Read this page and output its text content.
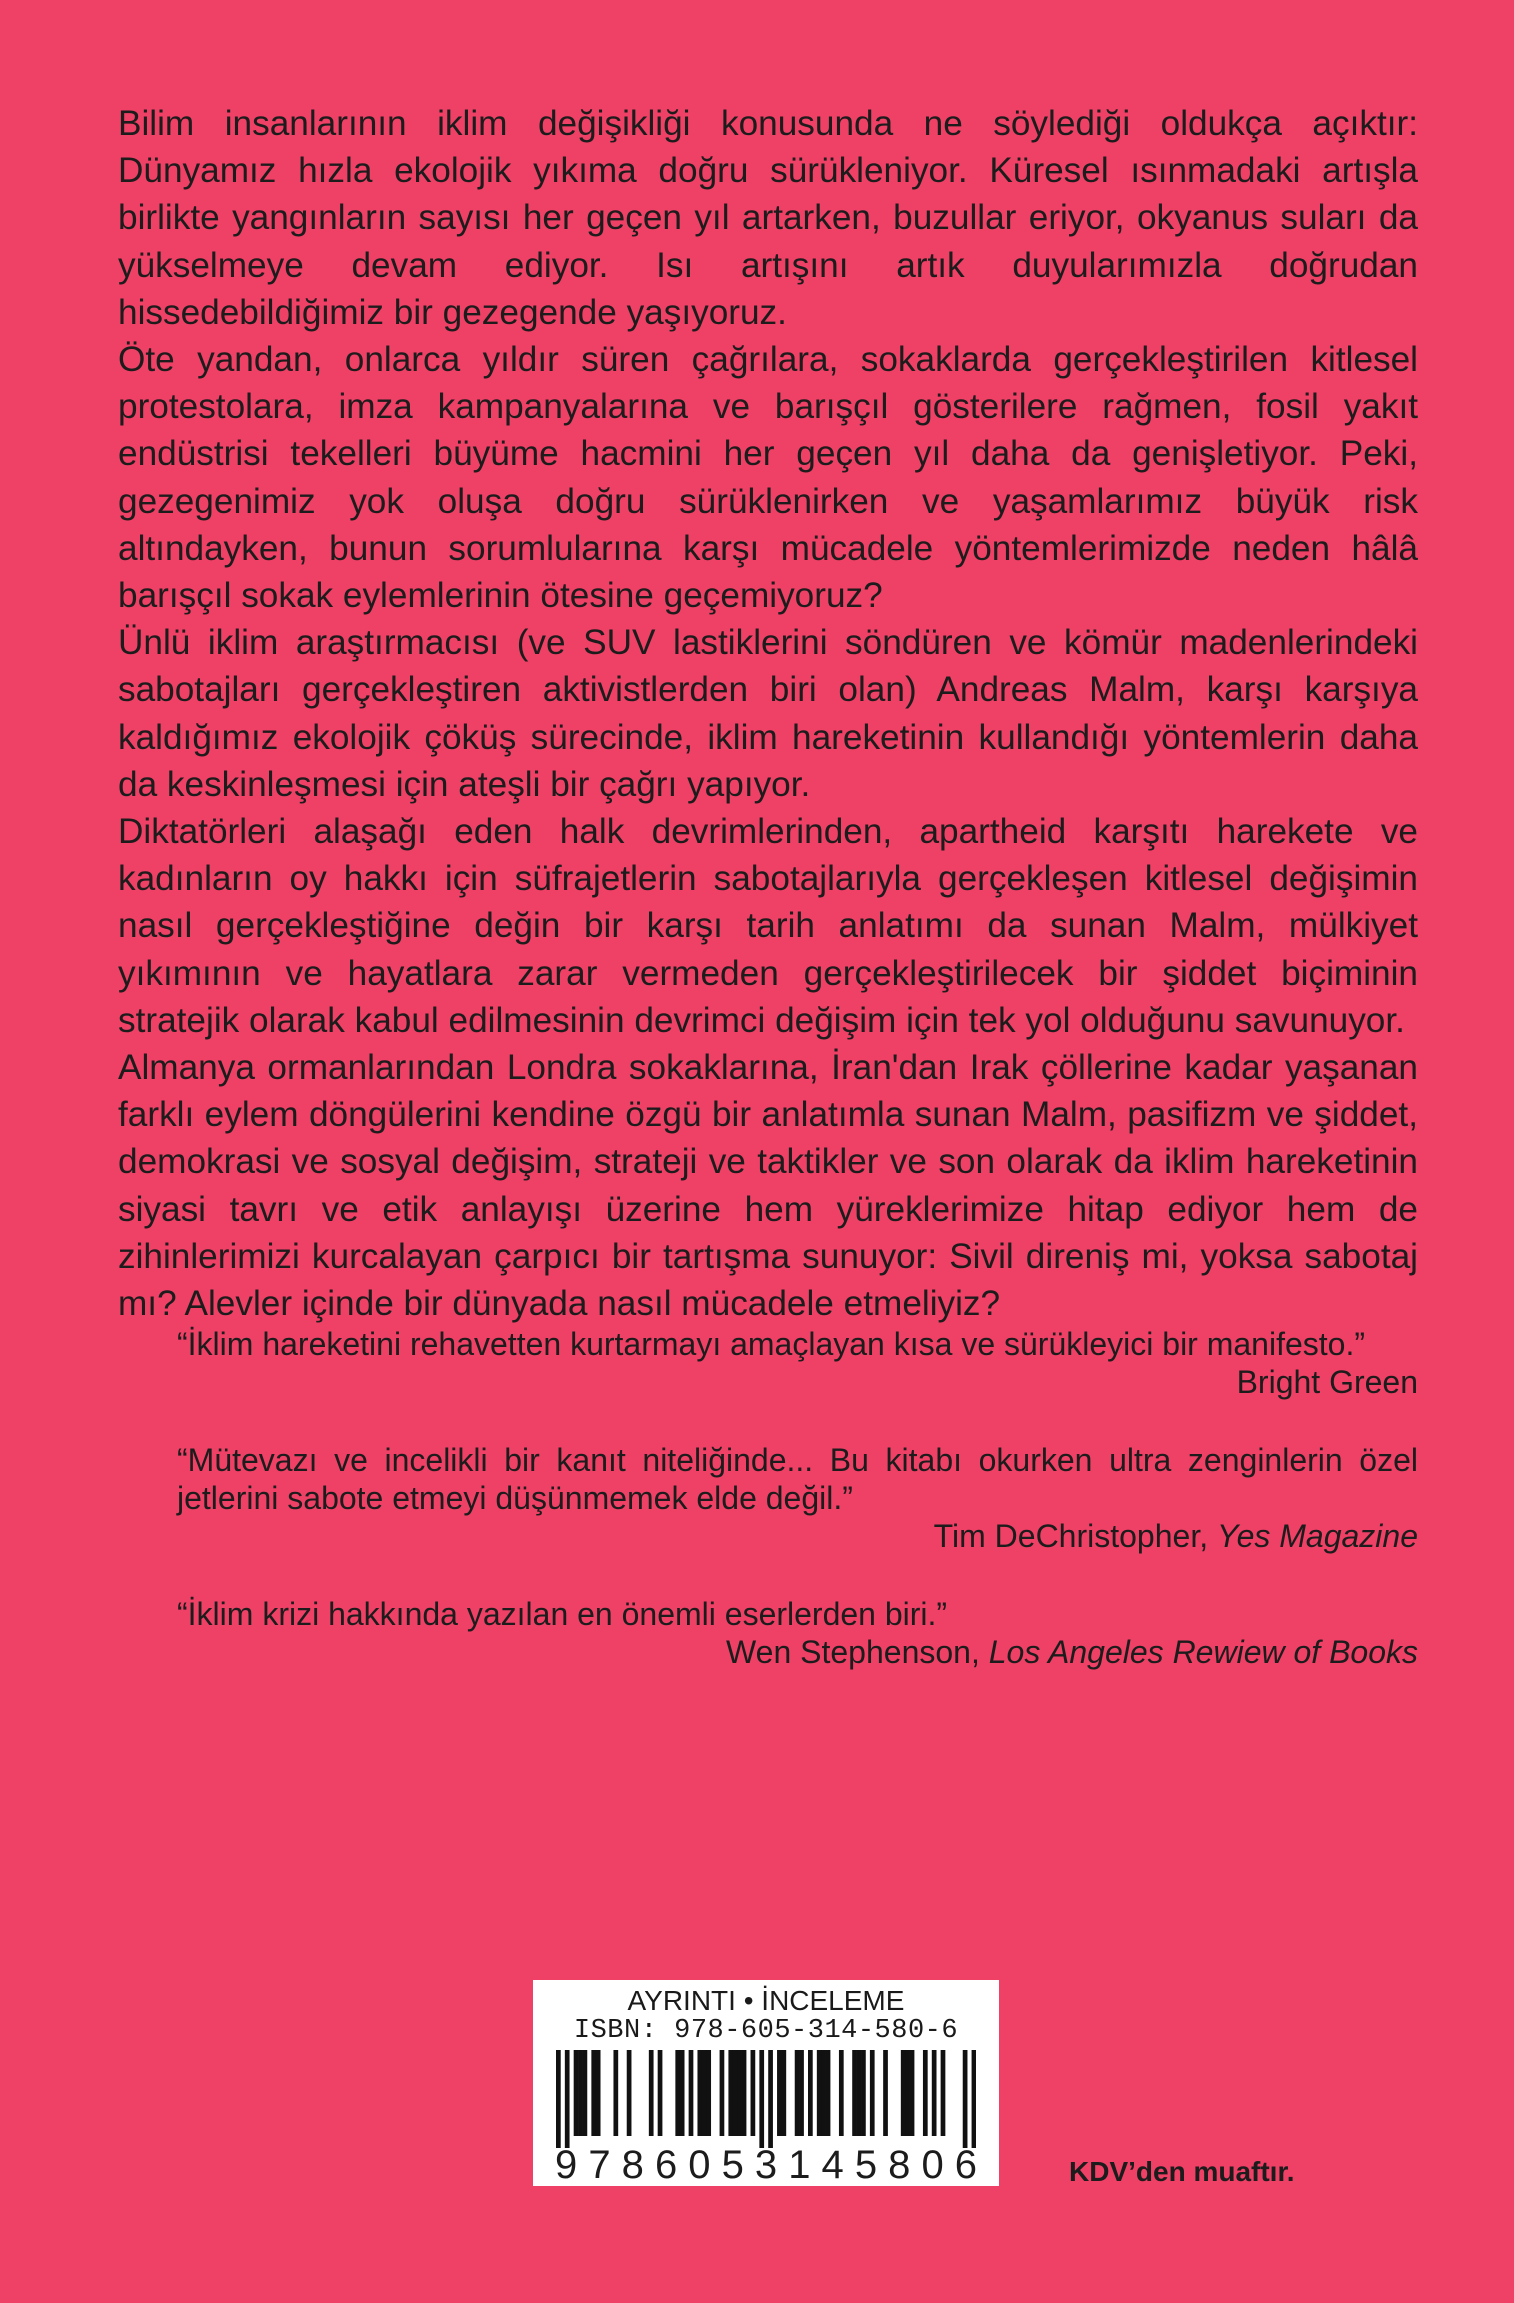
Bilim insanlarının iklim değişikliği konusunda ne söylediği oldukça açıktır: Dünyamız hızla ekolojik yıkıma doğru sürükleniyor. Küresel ısınmadaki artışla birlikte yangınların sayısı her geçen yıl artarken, buzullar eriyor, okyanus suları da yükselmeye devam ediyor. Isı artışını artık duyularımızla doğrudan hissedebildiğimiz bir gezegende yaşıyoruz.

Öte yandan, onlarca yıldır süren çağrılara, sokaklarda gerçekleştirilen kitlesel protestolara, imza kampanyalarına ve barışçıl gösterilere rağmen, fosil yakıt endüstrisi tekelleri büyüme hacmini her geçen yıl daha da genişletiyor. Peki, gezegenimiz yok oluşa doğru sürüklenirken ve yaşamlarımız büyük risk altındayken, bunun sorumlularına karşı mücadele yöntemlerimizde neden hâlâ barışçıl sokak eylemlerinin ötesine geçemiyoruz?

Ünlü iklim araştırmacısı (ve SUV lastiklerini söndüren ve kömür madenlerindeki sabotajları gerçekleştiren aktivistlerden biri olan) Andreas Malm, karşı karşıya kaldığımız ekolojik çöküş sürecinde, iklim hareketinin kullandığı yöntemlerin daha da keskinleşmesi için ateşli bir çağrı yapıyor.

Diktatörleri alaşağı eden halk devrimlerinden, apartheid karşıtı harekete ve kadınların oy hakkı için süfrajetlerin sabotajlarıyla gerçekleşen kitlesel değişimin nasıl gerçekleştiğine değin bir karşı tarih anlatımı da sunan Malm, mülkiyet yıkımının ve hayatlara zarar vermeden gerçekleştirilecek bir şiddet biçiminin stratejik olarak kabul edilmesinin devrimci değişim için tek yol olduğunu savunuyor.

Almanya ormanlarından Londra sokaklarına, İran'dan Irak çöllerine kadar yaşanan farklı eylem döngülerini kendine özgü bir anlatımla sunan Malm, pasifizm ve şiddet, demokrasi ve sosyal değişim, strateji ve taktikler ve son olarak da iklim hareketinin siyasi tavrı ve etik anlayışı üzerine hem yüreklerimize hitap ediyor hem de zihinlerimizi kurcalayan çarpıcı bir tartışma sunuyor: Sivil direniş mi, yoksa sabotaj mı? Alevler içinde bir dünyada nasıl mücadele etmeliyiz?

“İklim hareketini rehavetten kurtarmayı amaçlayan kısa ve sürükleyici bir manifesto.”
Bright Green
“Mütevazı ve incelikli bir kanıt niteliğinde... Bu kitabı okurken ultra zenginlerin özel jetlerini sabote etmeyi düşünmemek elde değil.”
Tim DeChristopher, Yes Magazine
“İklim krizi hakkında yazılan en önemli eserlerden biri.”
Wen Stephenson, Los Angeles Rewiew of Books
AYRINTI • İNCELEME
ISBN: 978-605-314-580-6
9 7 8 6 0 5 3 1 4 5 8 0 6	KDV’den muaftır.
